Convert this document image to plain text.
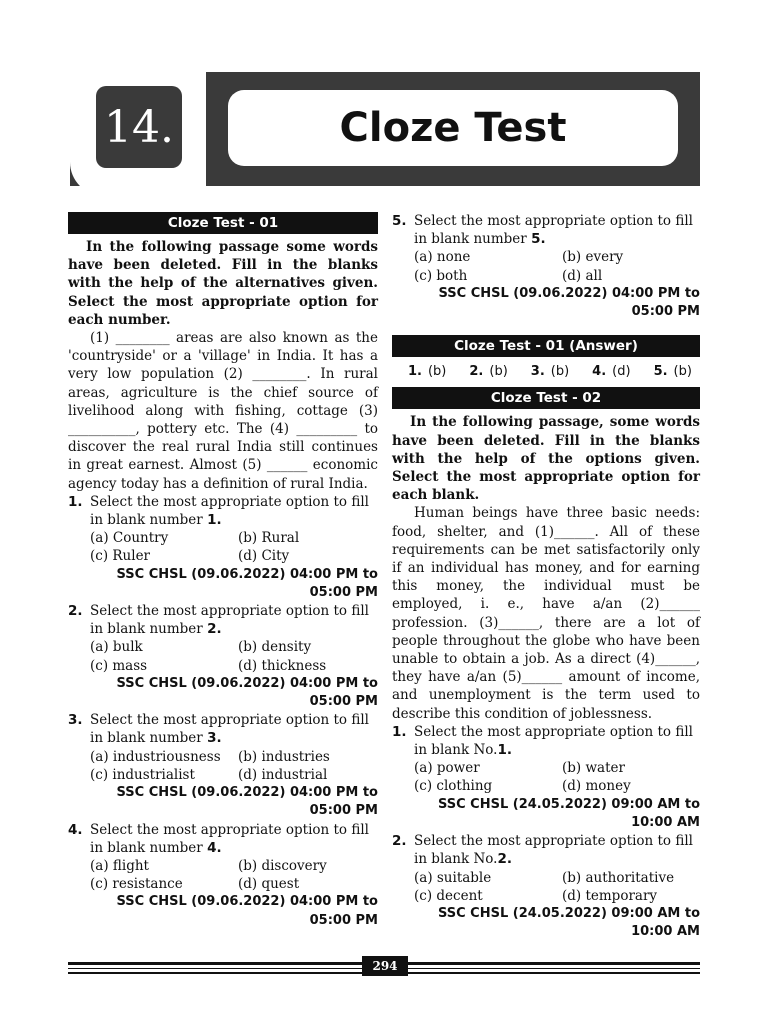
14.	Cloze Test
Cloze Test - 01
In the following passage some words have been deleted. Fill in the blanks with the help of the alternatives given. Select the most appropriate option for each number.
(1) ________ areas are also known as the 'countryside' or a 'village' in India. It has a very low population (2) ________. In rural areas, agriculture is the chief source of livelihood along with fishing, cottage (3) __________, pottery etc. The (4) _________ to discover the real rural India still continues in great earnest. Almost (5) ______ economic agency today has a definition of rural India.
1. Select the most appropriate option to fill in blank number 1.
(a) Country	(b) Rural
(c) Ruler	(d) City
SSC CHSL (09.06.2022) 04:00 PM to
05:00 PM
2. Select the most appropriate option to fill in blank number 2.
(a) bulk	(b) density
(c) mass	(d) thickness
SSC CHSL (09.06.2022) 04:00 PM to
05:00 PM
3. Select the most appropriate option to fill in blank number 3.
(a) industriousness	(b) industries
(c) industrialist	(d) industrial
SSC CHSL (09.06.2022) 04:00 PM to
05:00 PM
4. Select the most appropriate option to fill in blank number 4.
(a) flight	(b) discovery
(c) resistance	(d) quest
SSC CHSL (09.06.2022) 04:00 PM to
05:00 PM
5. Select the most appropriate option to fill in blank number 5.
(a) none	(b) every
(c) both	(d) all
SSC CHSL (09.06.2022) 04:00 PM to
05:00 PM
Cloze Test - 01 (Answer)
1. (b) 2. (b) 3. (b) 4. (d) 5. (b)
Cloze Test - 02
In the following passage, some words have been deleted. Fill in the blanks with the help of the options given. Select the most appropriate option for each blank.
Human beings have three basic needs: food, shelter, and (1)______. All of these requirements can be met satisfactorily only if an individual has money, and for earning this money, the individual must be employed, i. e., have a/an (2)______ profession. (3)______, there are a lot of people throughout the globe who have been unable to obtain a job. As a direct (4)______, they have a/an (5)______ amount of income, and unemployment is the term used to describe this condition of joblessness.
1. Select the most appropriate option to fill in blank No.1.
(a) power	(b) water
(c) clothing	(d) money
SSC CHSL (24.05.2022) 09:00 AM to
10:00 AM
2. Select the most appropriate option to fill in blank No.2.
(a) suitable	(b) authoritative
(c) decent	(d) temporary
SSC CHSL (24.05.2022) 09:00 AM to
10:00 AM
294
